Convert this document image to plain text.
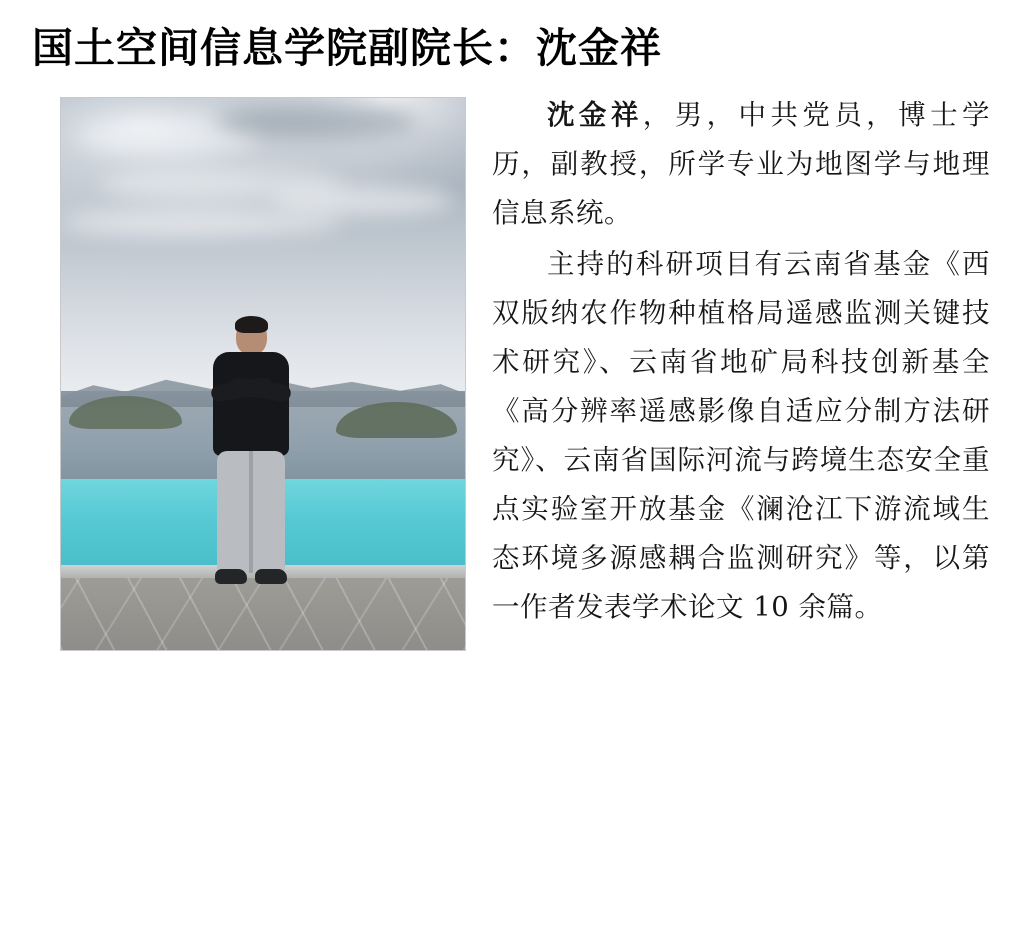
国土空间信息学院副院长：沈金祥

沈金祥，男，中共党员，博士学历，副教授，所学专业为地图学与地理信息系统。

主持的科研项目有云南省基金《西双版纳农作物种植格局遥感监测关键技术研究》、云南省地矿局科技创新基全《高分辨率遥感影像自适应分制方法研究》、云南省国际河流与跨境生态安全重点实验室开放基金《澜沧江下游流域生态环境多源感耦合监测研究》等，以第一作者发表学术论文 10 余篇。
